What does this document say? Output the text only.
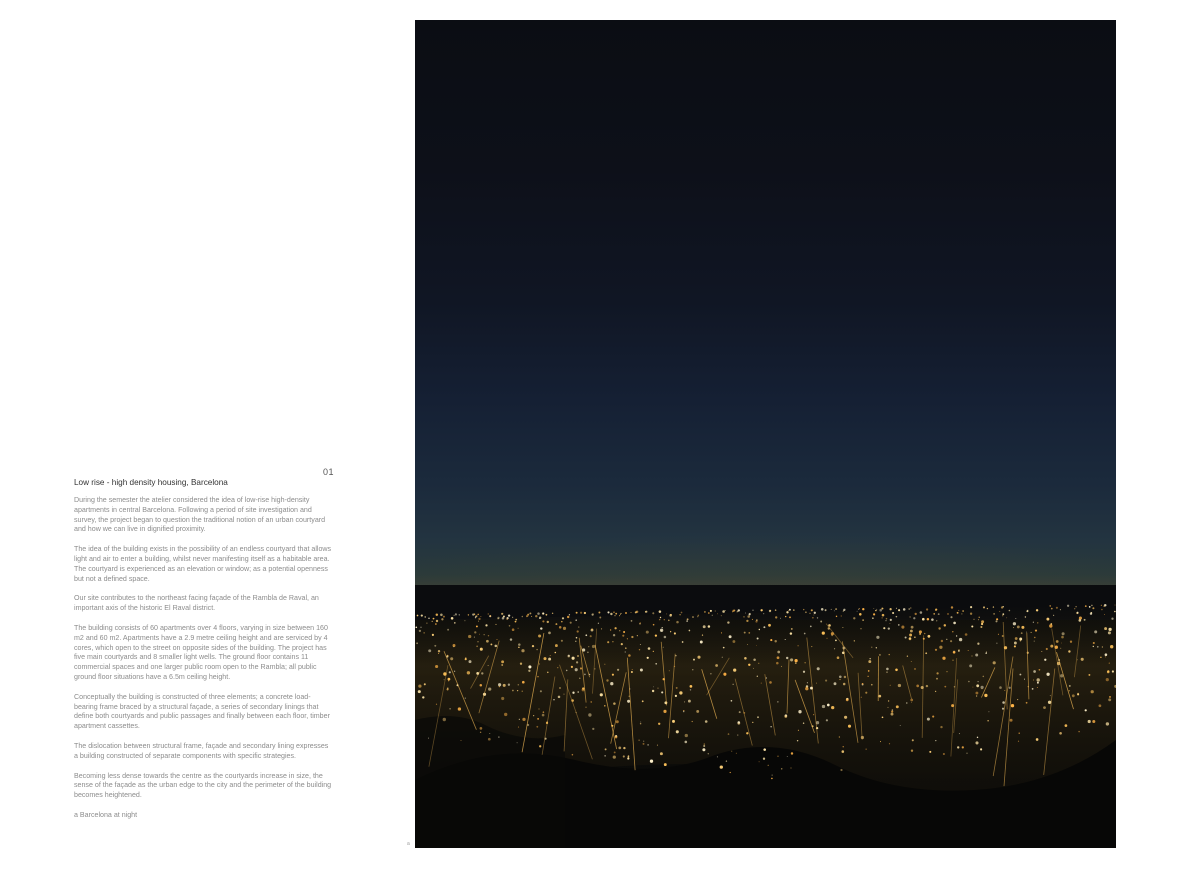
01
Low rise - high density housing, Barcelona

During the semester the atelier considered the idea of low-rise high-density apartments in central Barcelona. Following a period of site investigation and survey, the project began to question the traditional notion of an urban courtyard and how we can live in dignified proximity.

The idea of the building exists in the possibility of an endless courtyard that allows light and air to enter a building, whilst never manifesting itself as a habitable area. The courtyard is experienced as an elevation or window; as a potential openness but not a defined space.

Our site contributes to the northeast facing façade of the Rambla de Raval, an important axis of the historic El Raval district.

The building consists of 60 apartments over 4 floors, varying in size between 160 m2 and 60 m2. Apartments have a 2.9 metre ceiling height and are serviced by 4 cores, which open to the street on opposite sides of the building. The project has five main courtyards and 8 smaller light wells. The ground floor contains 11 commercial spaces and one larger public room open to the Rambla; all public ground floor situations have a 6.5m ceiling height.

Conceptually the building is constructed of three elements; a concrete load-bearing frame braced by a structural façade, a series of secondary linings that define both courtyards and public passages and finally between each floor, timber apartment cassettes.

The dislocation between structural frame, façade and secondary lining expresses a building constructed of separate components with specific strategies.

Becoming less dense towards the centre as the courtyards increase in size, the sense of the façade as the urban edge to the city and the perimeter of the building becomes heightened.

a Barcelona at night

a
